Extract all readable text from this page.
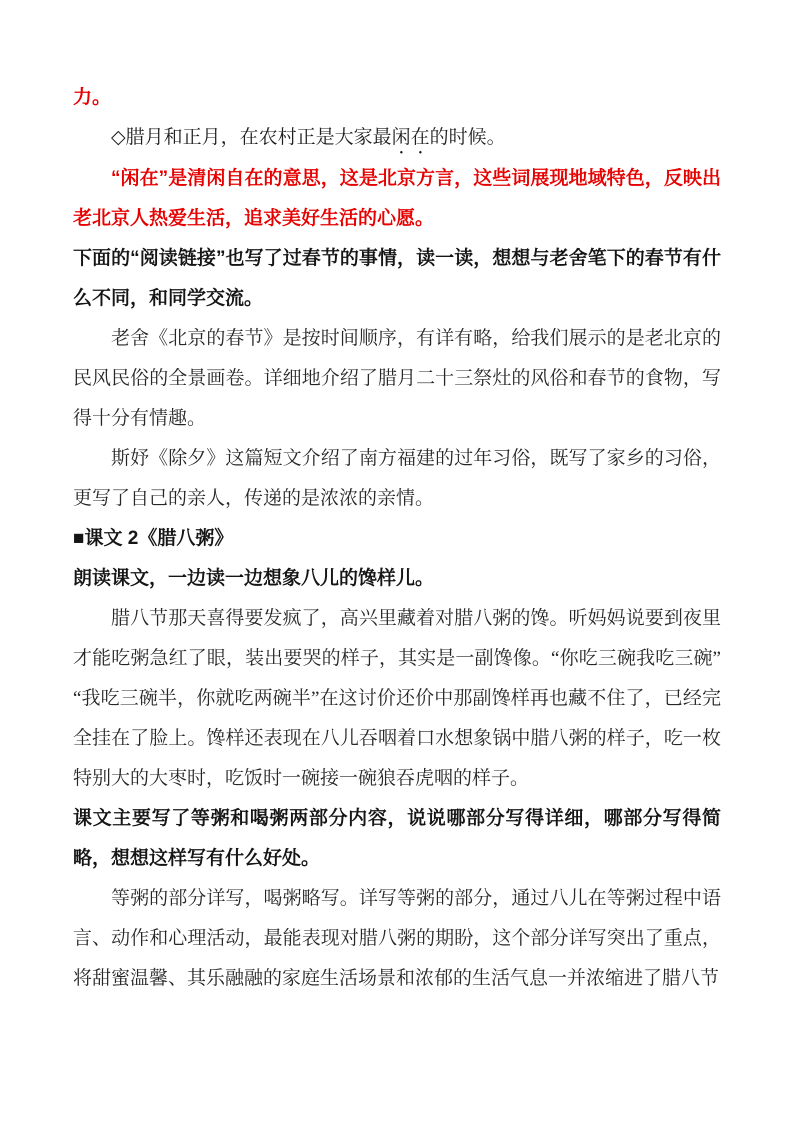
力。

◇腊月和正月，在农村正是大家最闲在的时候。

“闲在”是清闲自在的意思，这是北京方言，这些词展现地域特色，反映出老北京人热爱生活，追求美好生活的心愿。

下面的“阅读链接”也写了过春节的事情，读一读，想想与老舍笔下的春节有什么不同，和同学交流。

老舍《北京的春节》是按时间顺序，有详有略，给我们展示的是老北京的民风民俗的全景画卷。详细地介绍了腊月二十三祭灶的风俗和春节的食物，写得十分有情趣。

斯妤《除夕》这篇短文介绍了南方福建的过年习俗，既写了家乡的习俗，更写了自己的亲人，传递的是浓浓的亲情。

■课文 2《腊八粥》

朗读课文，一边读一边想象八儿的馋样儿。

腊八节那天喜得要发疯了，高兴里藏着对腊八粥的馋。听妈妈说要到夜里才能吃粥急红了眼，装出要哭的样子，其实是一副馋像。“你吃三碗我吃三碗”“我吃三碗半，你就吃两碗半”在这讨价还价中那副馋样再也藏不住了，已经完全挂在了脸上。馋样还表现在八儿吞咽着口水想象锅中腊八粥的样子，吃一枚特别大的大枣时，吃饭时一碗接一碗狼吞虎咽的样子。

课文主要写了等粥和喝粥两部分内容，说说哪部分写得详细，哪部分写得简略，想想这样写有什么好处。

等粥的部分详写，喝粥略写。详写等粥的部分，通过八儿在等粥过程中语言、动作和心理活动，最能表现对腊八粥的期盼，这个部分详写突出了重点，将甜蜜温馨、其乐融融的家庭生活场景和浓郁的生活气息一并浓缩进了腊八节
